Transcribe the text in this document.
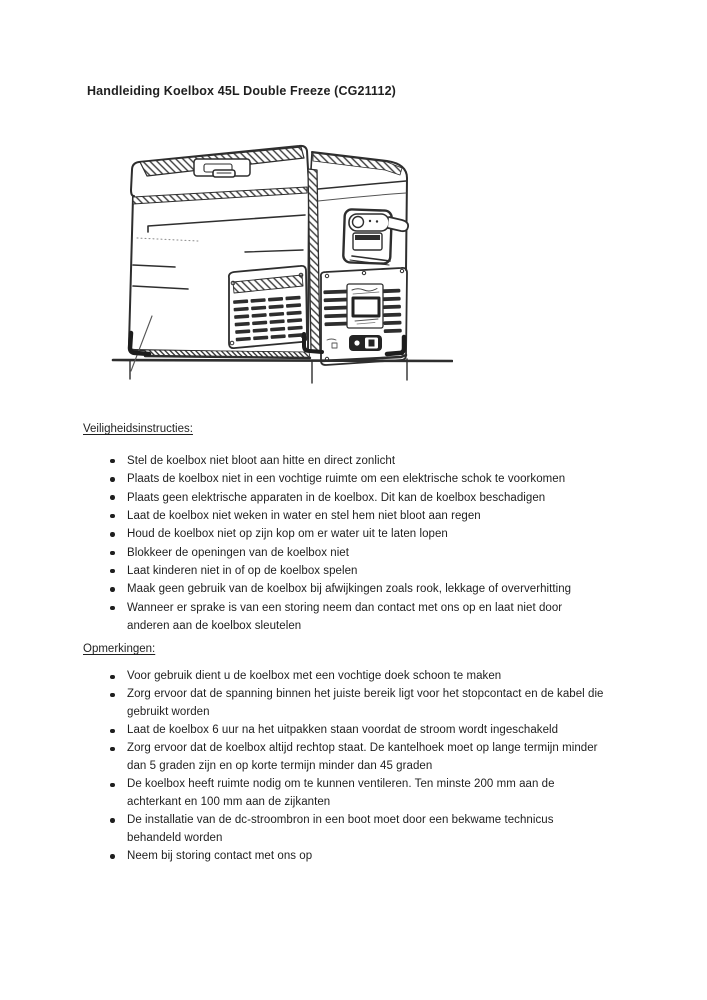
Handleiding Koelbox 45L Double Freeze (CG21112)
Veiligheidsinstructies:
Stel de koelbox niet bloot aan hitte en direct zonlicht
Plaats de koelbox niet in een vochtige ruimte om een elektrische schok te voorkomen
Plaats geen elektrische apparaten in de koelbox. Dit kan de koelbox beschadigen
Laat de koelbox niet weken in water en stel hem niet bloot aan regen
Houd de koelbox niet op zijn kop om er water uit te laten lopen
Blokkeer de openingen van de koelbox niet
Laat kinderen niet in of op de koelbox spelen
Maak geen gebruik van de koelbox bij afwijkingen zoals rook, lekkage of oververhitting
Wanneer er sprake is van een storing neem dan contact met ons op en laat niet door
anderen aan de koelbox sleutelen
Opmerkingen:
Voor gebruik dient u de koelbox met een vochtige doek schoon te maken
Zorg ervoor dat de spanning binnen het juiste bereik ligt voor het stopcontact en de kabel die
gebruikt worden
Laat de koelbox 6 uur na het uitpakken staan voordat de stroom wordt ingeschakeld
Zorg ervoor dat de koelbox altijd rechtop staat. De kantelhoek moet op lange termijn minder
dan 5 graden zijn en op korte termijn minder dan 45 graden
De koelbox heeft ruimte nodig om te kunnen ventileren. Ten minste 200 mm aan de
achterkant en 100 mm aan de zijkanten
De installatie van de dc-stroombron in een boot moet door een bekwame technicus
behandeld worden
Neem bij storing contact met ons op
